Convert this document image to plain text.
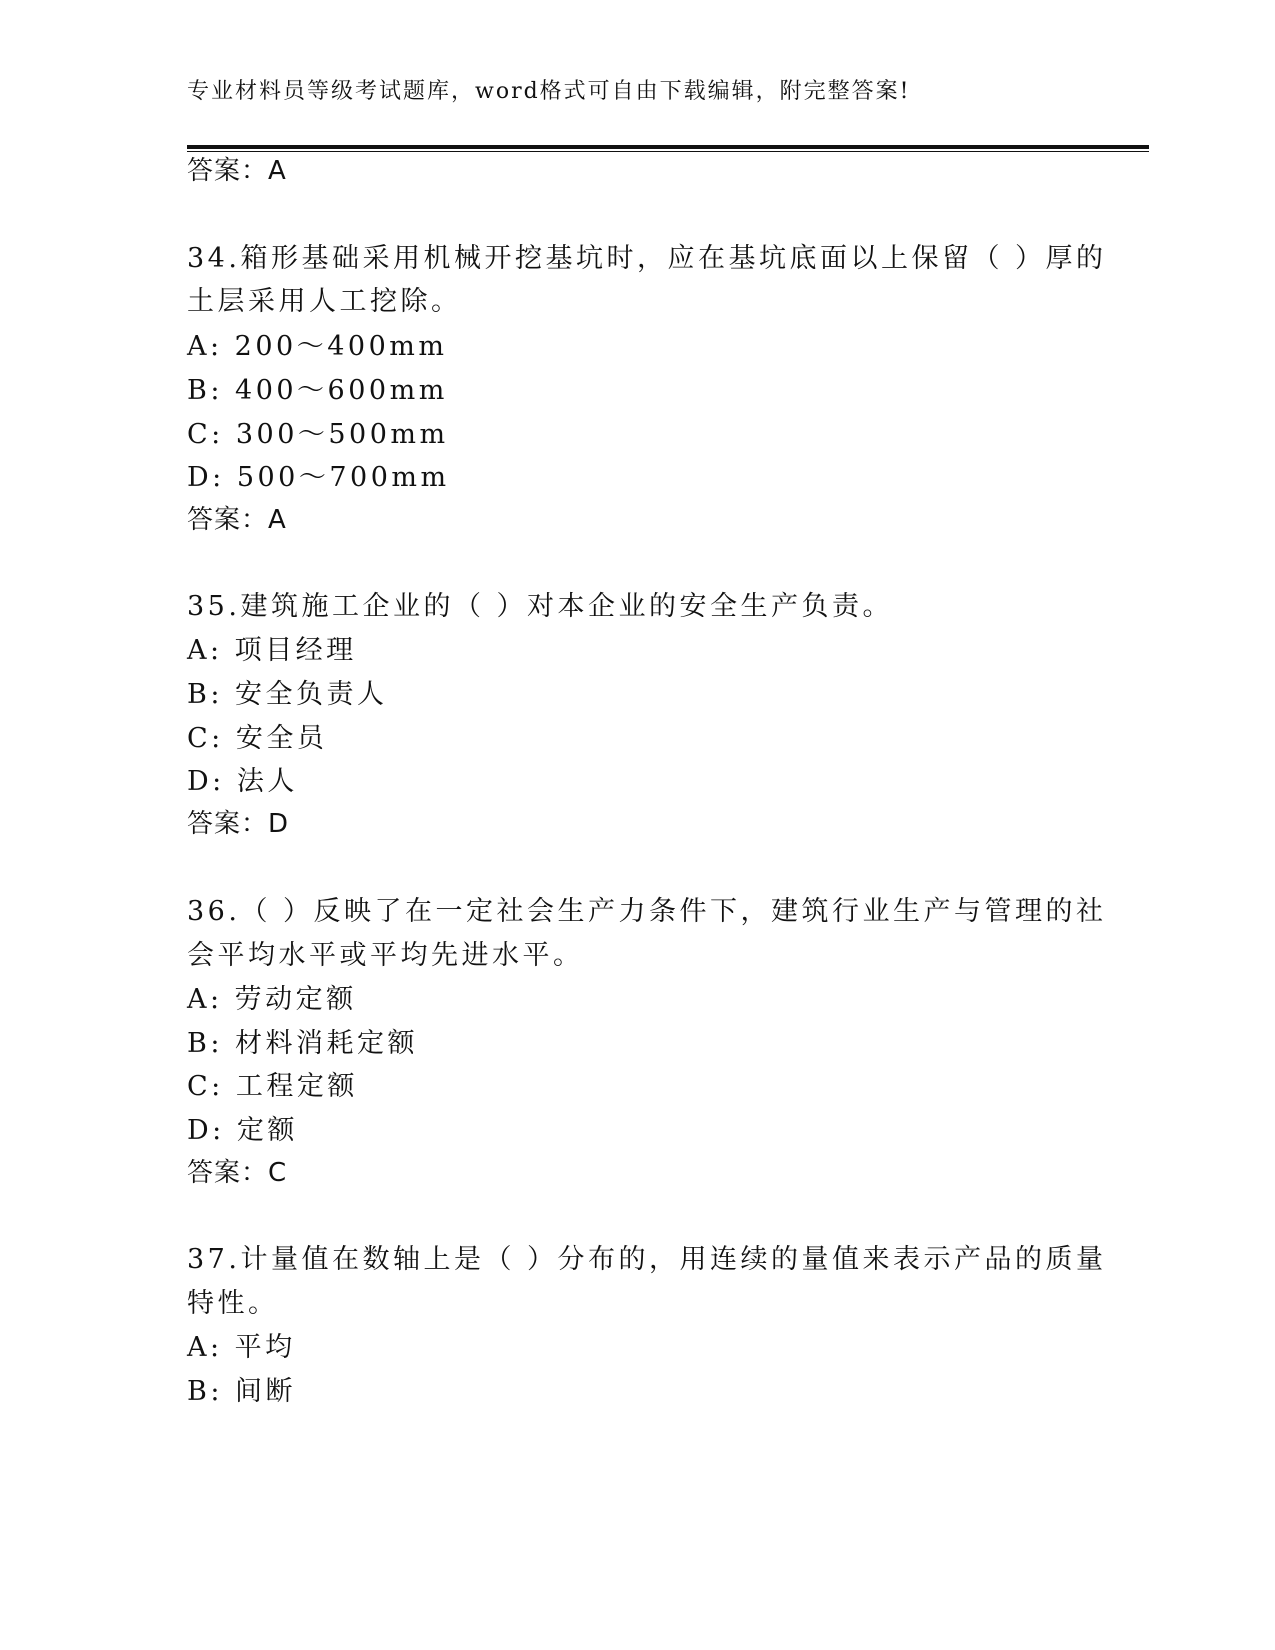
专业材料员等级考试题库，word格式可自由下载编辑，附完整答案!
答案：A
34.箱形基础采用机械开挖基坑时，应在基坑底面以上保留（ ）厚的
土层采用人工挖除。
A: 200～400mm
B: 400～600mm
C: 300～500mm
D: 500～700mm
答案：A
35.建筑施工企业的（ ）对本企业的安全生产负责。
A: 项目经理
B: 安全负责人
C: 安全员
D: 法人
答案：D
36.（ ）反映了在一定社会生产力条件下，建筑行业生产与管理的社
会平均水平或平均先进水平。
A: 劳动定额
B: 材料消耗定额
C: 工程定额
D: 定额
答案：C
37.计量值在数轴上是（ ）分布的，用连续的量值来表示产品的质量
特性。
A: 平均
B: 间断
